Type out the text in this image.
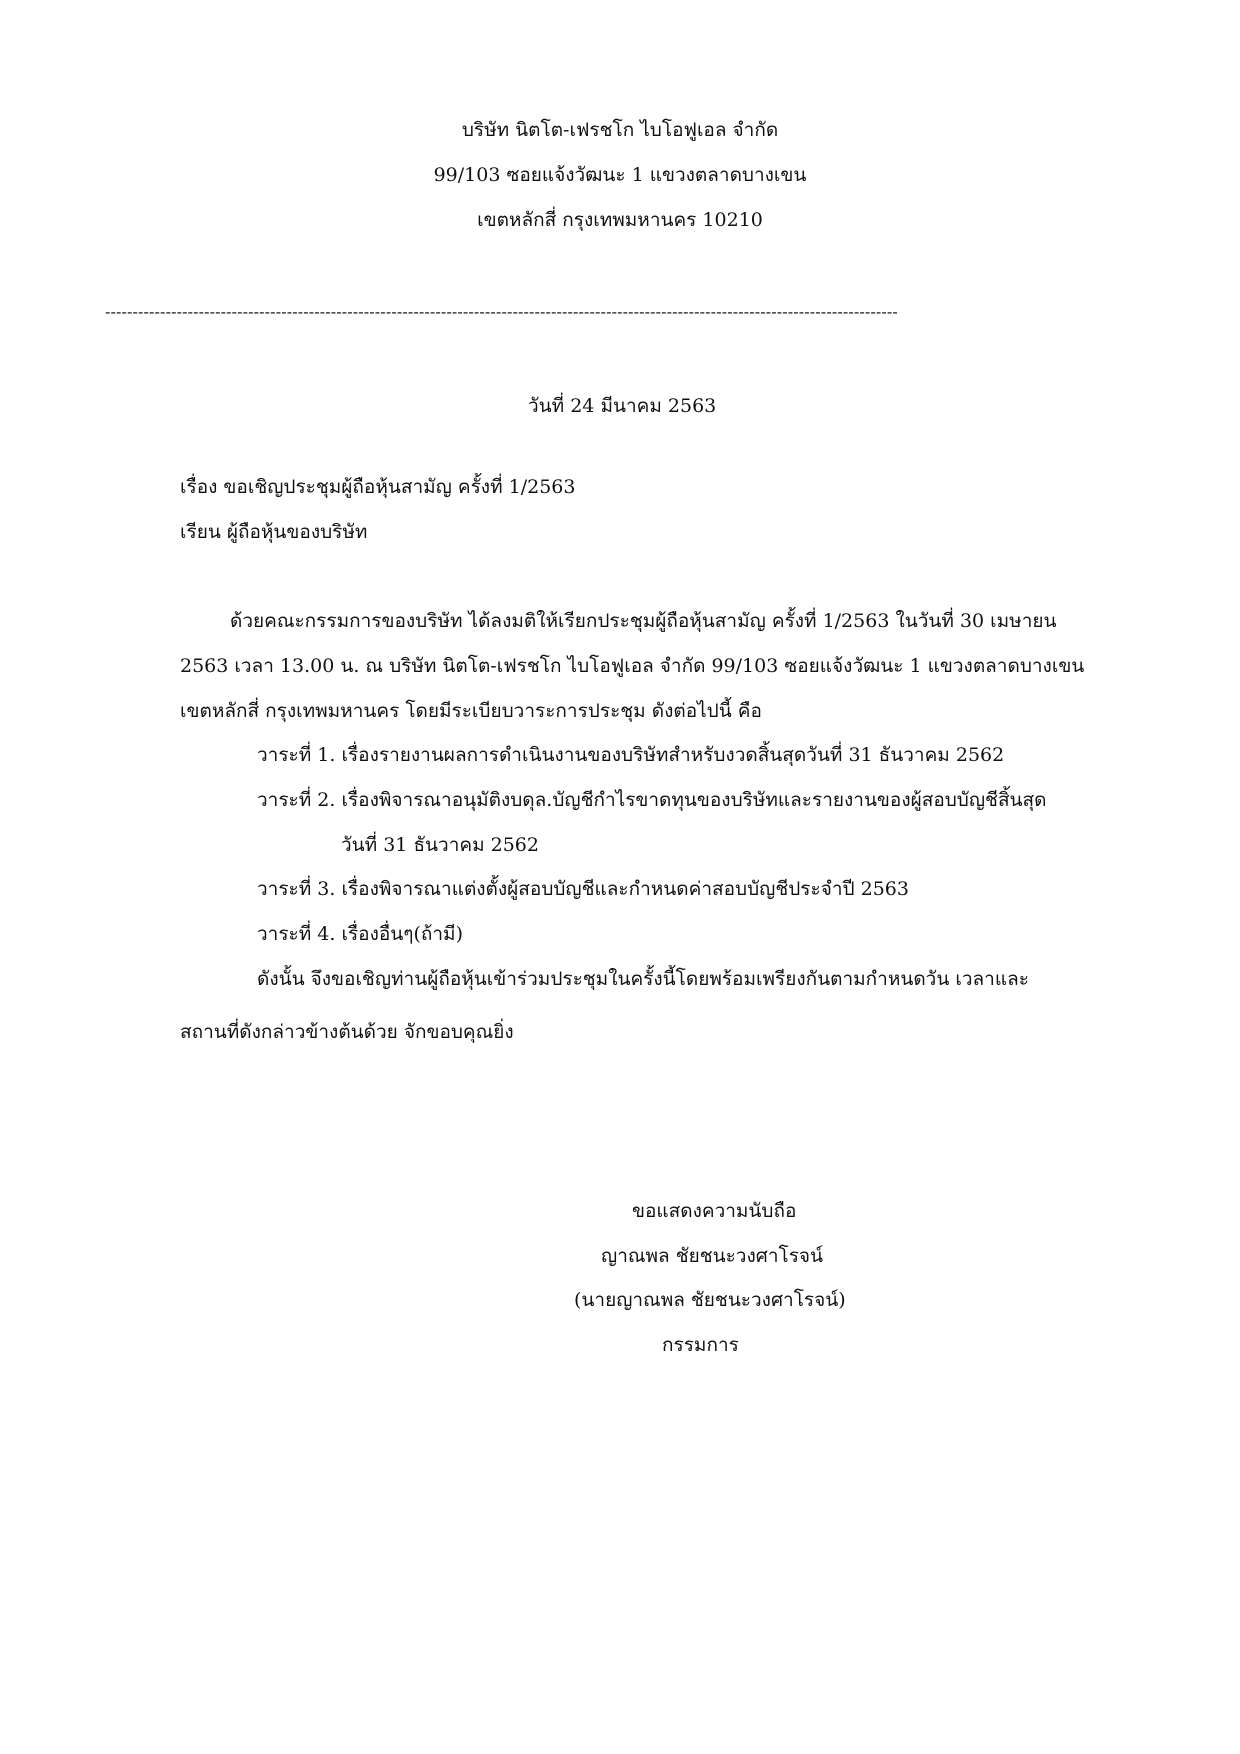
บริษัท นิตโต-เฟรชโก ไบโอฟูเอล จำกัด
99/103 ซอยแจ้งวัฒนะ 1 แขวงตลาดบางเขน
เขตหลักสี่ กรุงเทพมหานคร 10210
------------------------------------------------------------------------------------------------------------------------------------------------
วันที่ 24 มีนาคม 2563
เรื่อง ขอเชิญประชุมผู้ถือหุ้นสามัญ ครั้งที่ 1/2563
เรียน ผู้ถือหุ้นของบริษัท
ด้วยคณะกรรมการของบริษัท ได้ลงมติให้เรียกประชุมผู้ถือหุ้นสามัญ ครั้งที่ 1/2563 ในวันที่ 30 เมษายน
2563 เวลา 13.00 น. ณ บริษัท นิตโต-เฟรชโก ไบโอฟูเอล จำกัด 99/103 ซอยแจ้งวัฒนะ 1 แขวงตลาดบางเขน
เขตหลักสี่ กรุงเทพมหานคร โดยมีระเบียบวาระการประชุม ดังต่อไปนี้ คือ
วาระที่ 1. เรื่องรายงานผลการดำเนินงานของบริษัทสำหรับงวดสิ้นสุดวันที่ 31 ธันวาคม 2562
วาระที่ 2. เรื่องพิจารณาอนุมัติงบดุล.บัญชีกำไรขาดทุนของบริษัทและรายงานของผู้สอบบัญชีสิ้นสุด
วันที่ 31 ธันวาคม 2562
วาระที่ 3. เรื่องพิจารณาแต่งตั้งผู้สอบบัญชีและกำหนดค่าสอบบัญชีประจำปี 2563
วาระที่ 4. เรื่องอื่นๆ(ถ้ามี)
ดังนั้น จึงขอเชิญท่านผู้ถือหุ้นเข้าร่วมประชุมในครั้งนี้โดยพร้อมเพรียงกันตามกำหนดวัน เวลาและ
สถานที่ดังกล่าวข้างต้นด้วย จักขอบคุณยิ่ง
ขอแสดงความนับถือ
ญาณพล ชัยชนะวงศาโรจน์
(นายญาณพล ชัยชนะวงศาโรจน์)
กรรมการ
